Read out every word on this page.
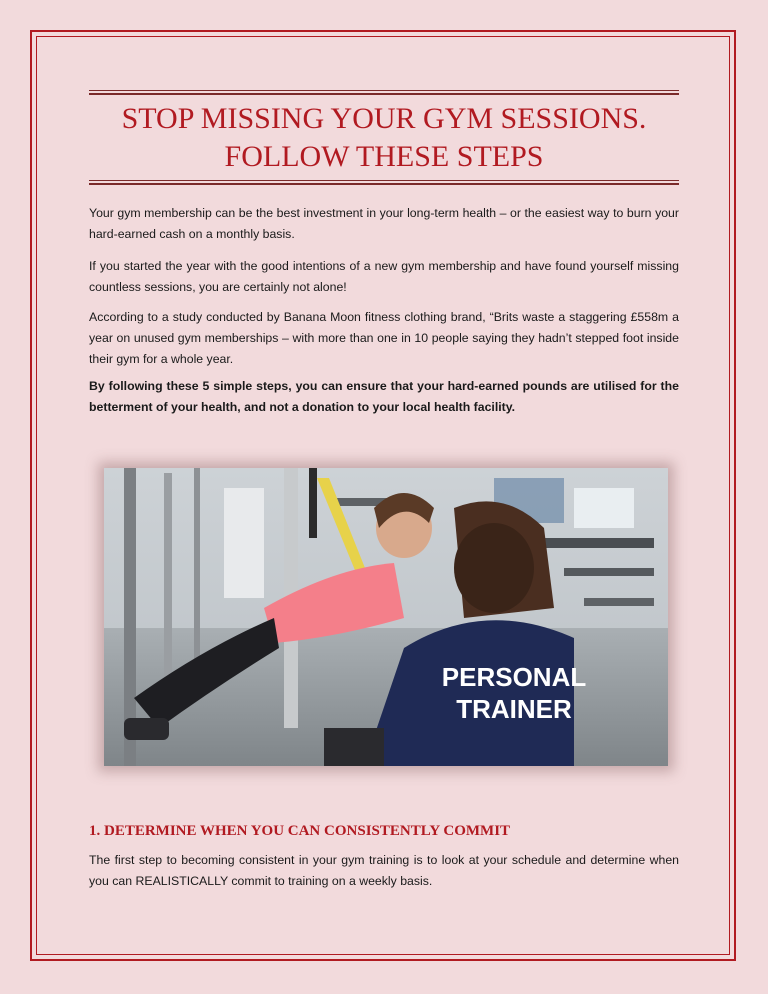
STOP MISSING YOUR GYM SESSIONS.
FOLLOW THESE STEPS

Your gym membership can be the best investment in your long-term health – or the easiest way to burn your hard-earned cash on a monthly basis.

If you started the year with the good intentions of a new gym membership and have found yourself missing countless sessions, you are certainly not alone!

According to a study conducted by Banana Moon fitness clothing brand, “Brits waste a staggering £558m a year on unused gym memberships – with more than one in 10 people saying they hadn’t stepped foot inside their gym for a whole year.

By following these 5 simple steps, you can ensure that your hard-earned pounds are utilised for the betterment of your health, and not a donation to your local health facility.

PERSONAL
TRAINER
1. DETERMINE WHEN YOU CAN CONSISTENTLY COMMIT

The first step to becoming consistent in your gym training is to look at your schedule and determine when you can REALISTICALLY commit to training on a weekly basis.
